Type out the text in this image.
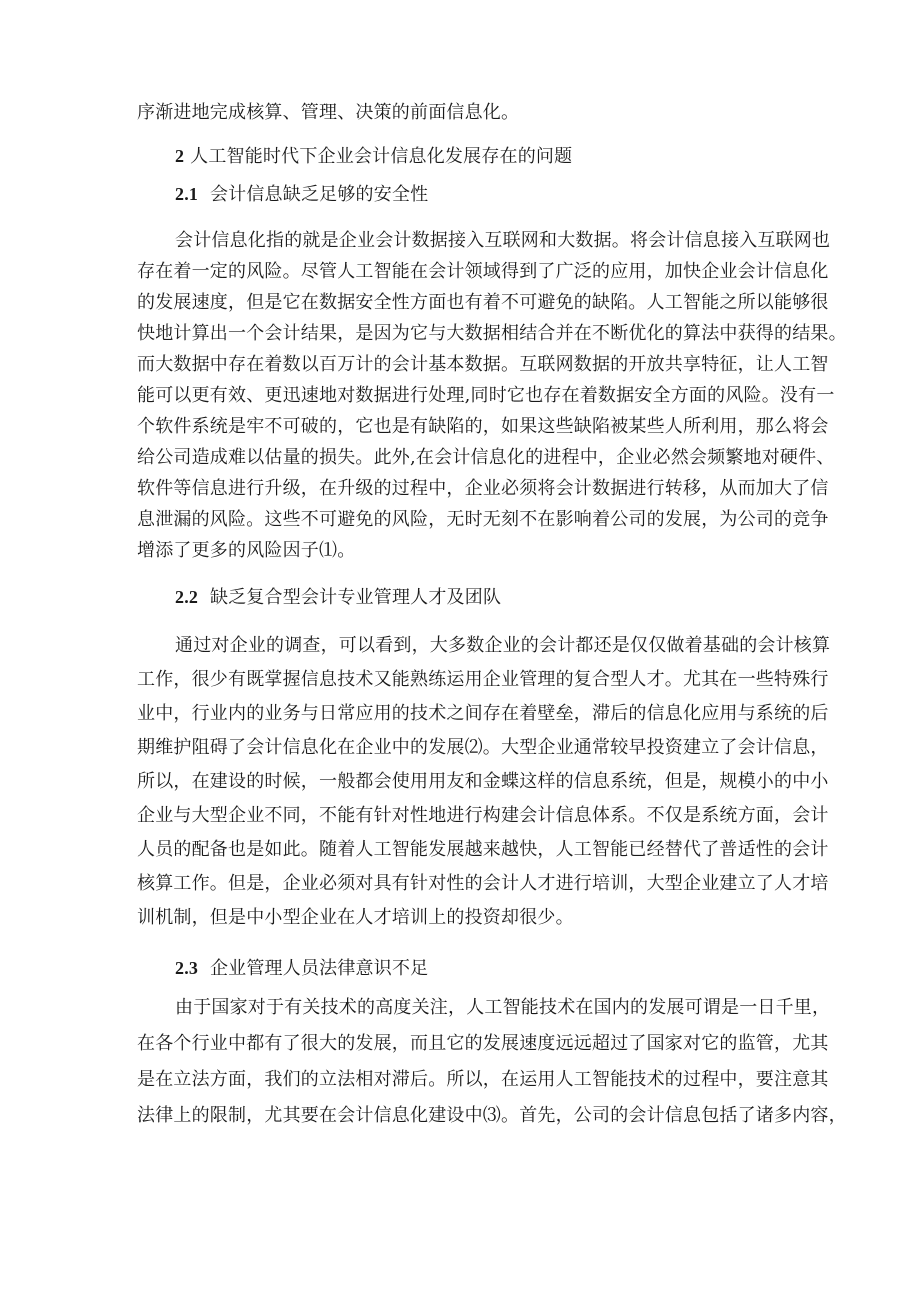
序渐进地完成核算、管理、决策的前面信息化。
2 人工智能时代下企业会计信息化发展存在的问题
2.1 会计信息缺乏足够的安全性
会计信息化指的就是企业会计数据接入互联网和大数据。将会计信息接入互联网也
存在着一定的风险。尽管人工智能在会计领域得到了广泛的应用，加快企业会计信息化
的发展速度，但是它在数据安全性方面也有着不可避免的缺陷。人工智能之所以能够很
快地计算出一个会计结果，是因为它与大数据相结合并在不断优化的算法中获得的结果。
而大数据中存在着数以百万计的会计基本数据。互联网数据的开放共享特征，让人工智
能可以更有效、更迅速地对数据进行处理,同时它也存在着数据安全方面的风险。没有一
个软件系统是牢不可破的，它也是有缺陷的，如果这些缺陷被某些人所利用，那么将会
给公司造成难以估量的损失。此外,在会计信息化的进程中，企业必然会频繁地对硬件、
软件等信息进行升级，在升级的过程中，企业必须将会计数据进行转移，从而加大了信
息泄漏的风险。这些不可避免的风险，无时无刻不在影响着公司的发展，为公司的竞争
增添了更多的风险因子⑴。
2.2 缺乏复合型会计专业管理人才及团队
通过对企业的调查，可以看到，大多数企业的会计都还是仅仅做着基础的会计核算
工作，很少有既掌握信息技术又能熟练运用企业管理的复合型人才。尤其在一些特殊行
业中，行业内的业务与日常应用的技术之间存在着壁垒，滞后的信息化应用与系统的后
期维护阻碍了会计信息化在企业中的发展⑵。大型企业通常较早投资建立了会计信息，
所以，在建设的时候，一般都会使用用友和金蝶这样的信息系统，但是，规模小的中小
企业与大型企业不同，不能有针对性地进行构建会计信息体系。不仅是系统方面，会计
人员的配备也是如此。随着人工智能发展越来越快，人工智能已经替代了普适性的会计
核算工作。但是，企业必须对具有针对性的会计人才进行培训，大型企业建立了人才培
训机制，但是中小型企业在人才培训上的投资却很少。
2.3 企业管理人员法律意识不足
由于国家对于有关技术的高度关注，人工智能技术在国内的发展可谓是一日千里，
在各个行业中都有了很大的发展，而且它的发展速度远远超过了国家对它的监管，尤其
是在立法方面，我们的立法相对滞后。所以，在运用人工智能技术的过程中，要注意其
法律上的限制，尤其要在会计信息化建设中⑶。首先，公司的会计信息包括了诸多内容，
